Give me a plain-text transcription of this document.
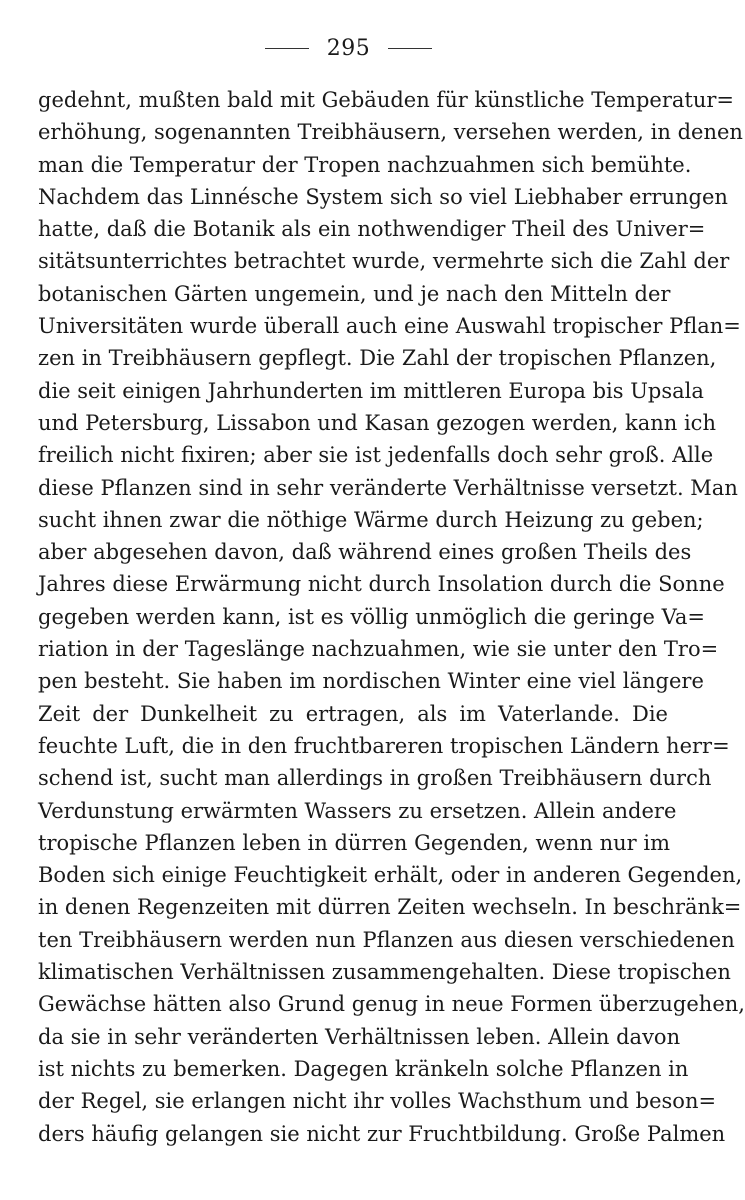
295
gedehnt, mußten bald mit Gebäuden für künstliche Temperatur=
erhöhung, sogenannten Treibhäusern, versehen werden, in denen
man die Temperatur der Tropen nachzuahmen sich bemühte.
Nachdem das Linnésche System sich so viel Liebhaber errungen
hatte, daß die Botanik als ein nothwendiger Theil des Univer=
sitätsunterrichtes betrachtet wurde, vermehrte sich die Zahl der
botanischen Gärten ungemein, und je nach den Mitteln der
Universitäten wurde überall auch eine Auswahl tropischer Pflan=
zen in Treibhäusern gepflegt. Die Zahl der tropischen Pflanzen,
die seit einigen Jahrhunderten im mittleren Europa bis Upsala
und Petersburg, Lissabon und Kasan gezogen werden, kann ich
freilich nicht fixiren; aber sie ist jedenfalls doch sehr groß. Alle
diese Pflanzen sind in sehr veränderte Verhältnisse versetzt. Man
sucht ihnen zwar die nöthige Wärme durch Heizung zu geben;
aber abgesehen davon, daß während eines großen Theils des
Jahres diese Erwärmung nicht durch Insolation durch die Sonne
gegeben werden kann, ist es völlig unmöglich die geringe Va=
riation in der Tageslänge nachzuahmen, wie sie unter den Tro=
pen besteht. Sie haben im nordischen Winter eine viel längere
Zeit der Dunkelheit zu ertragen, als im Vaterlande. Die
feuchte Luft, die in den fruchtbareren tropischen Ländern herr=
schend ist, sucht man allerdings in großen Treibhäusern durch
Verdunstung erwärmten Wassers zu ersetzen. Allein andere
tropische Pflanzen leben in dürren Gegenden, wenn nur im
Boden sich einige Feuchtigkeit erhält, oder in anderen Gegenden,
in denen Regenzeiten mit dürren Zeiten wechseln. In beschränk=
ten Treibhäusern werden nun Pflanzen aus diesen verschiedenen
klimatischen Verhältnissen zusammengehalten. Diese tropischen
Gewächse hätten also Grund genug in neue Formen überzugehen,
da sie in sehr veränderten Verhältnissen leben. Allein davon
ist nichts zu bemerken. Dagegen kränkeln solche Pflanzen in
der Regel, sie erlangen nicht ihr volles Wachsthum und beson=
ders häufig gelangen sie nicht zur Fruchtbildung. Große Palmen
